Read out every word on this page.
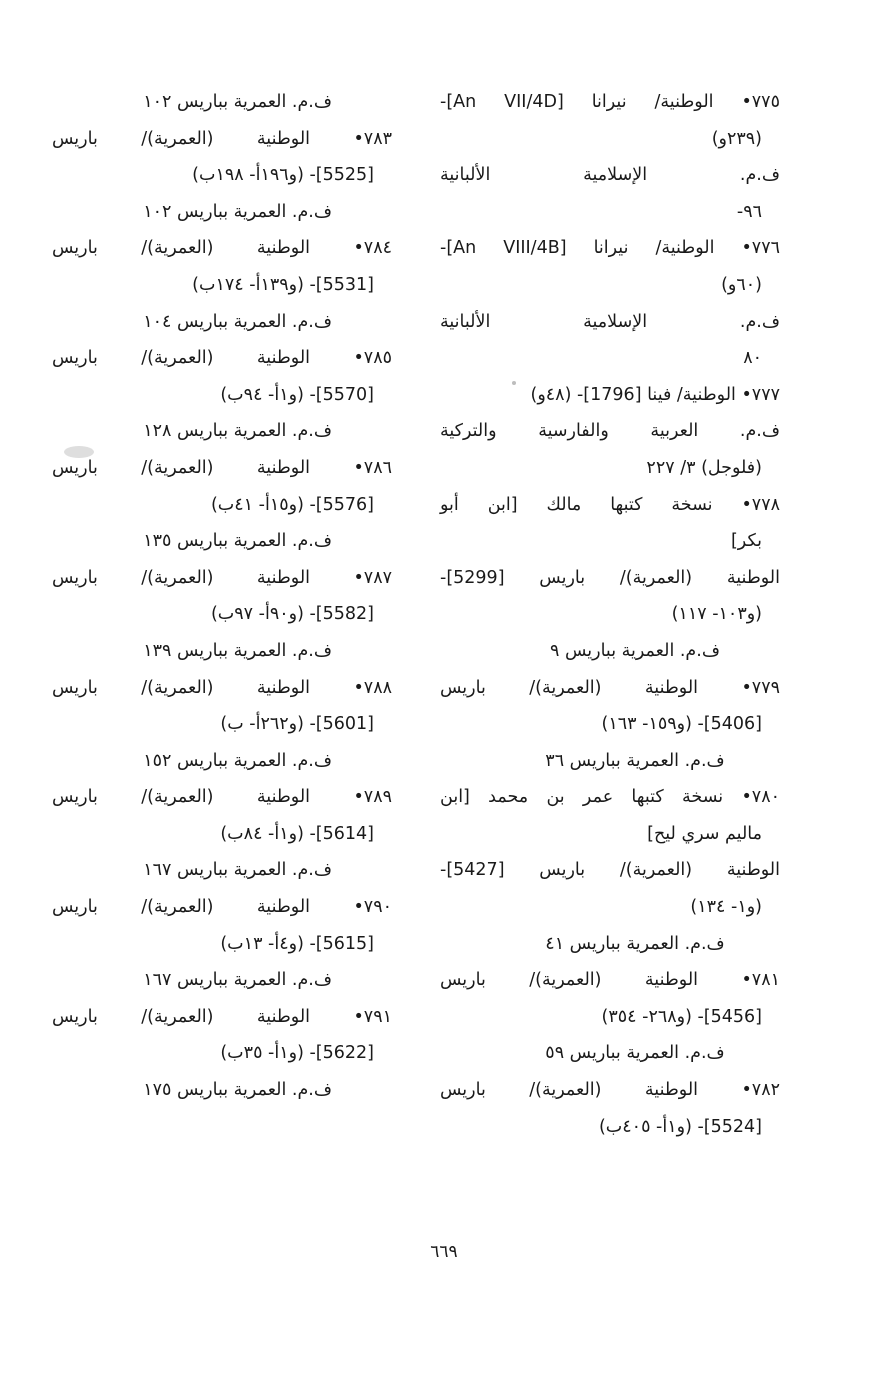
٧٧٥• الوطنية/ نيرانا [An VII/4D]-
(٢٣٩و)
ف.م. الإسلامية الألبانية
٩٦-
٧٧٦• الوطنية/ نيرانا [An VIII/4B]-
(٦٠و)
ف.م. الإسلامية الألبانية
٨٠
٧٧٧• الوطنية/ فينا [1796]- (٤٨و)
ف.م. العربية والفارسية والتركية
(فلوجل) ٣/ ٢٢٧
٧٧٨• نسخة كتبها مالك [ابن أبو
بكر]
الوطنية (العمرية)/ باريس [5299]-
(و١٠٣- ١١٧)
ف.م. العمرية بباريس ٩
٧٧٩• الوطنية (العمرية)/ باريس
[5406]- (و١٥٩- ١٦٣)
ف.م. العمرية بباريس ٣٦
٧٨٠• نسخة كتبها عمر بن محمد [ابن
ماليم سري ليح]
الوطنية (العمرية)/ باريس [5427]-
(و١- ١٣٤)
ف.م. العمرية بباريس ٤١
٧٨١• الوطنية (العمرية)/ باريس
[5456]- (و٢٦٨- ٣٥٤)
ف.م. العمرية بباريس ٥٩
٧٨٢• الوطنية (العمرية)/ باريس
[5524]- (و١أ- ٤٠٥ب)
ف.م. العمرية بباريس ١٠٢
٧٨٣• الوطنية (العمرية)/ باريس
[5525]- (و١٩٦أ- ١٩٨ب)
ف.م. العمرية بباريس ١٠٢
٧٨٤• الوطنية (العمرية)/ باريس
[5531]- (و١٣٩أ- ١٧٤ب)
ف.م. العمرية بباريس ١٠٤
٧٨٥• الوطنية (العمرية)/ باريس
[5570]- (و١أ- ٩٤ب)
ف.م. العمرية بباريس ١٢٨
٧٨٦• الوطنية (العمرية)/ باريس
[5576]- (و١٥أ- ٤١ب)
ف.م. العمرية بباريس ١٣٥
٧٨٧• الوطنية (العمرية)/ باريس
[5582]- (و٩٠أ- ٩٧ب)
ف.م. العمرية بباريس ١٣٩
٧٨٨• الوطنية (العمرية)/ باريس
[5601]- (و٢٦٢أ- ب)
ف.م. العمرية بباريس ١٥٢
٧٨٩• الوطنية (العمرية)/ باريس
[5614]- (و١أ- ٨٤ب)
ف.م. العمرية بباريس ١٦٧
٧٩٠• الوطنية (العمرية)/ باريس
[5615]- (و٤أ- ١٣ب)
ف.م. العمرية بباريس ١٦٧
٧٩١• الوطنية (العمرية)/ باريس
[5622]- (و١أ- ٣٥ب)
ف.م. العمرية بباريس ١٧٥
٦٦٩
